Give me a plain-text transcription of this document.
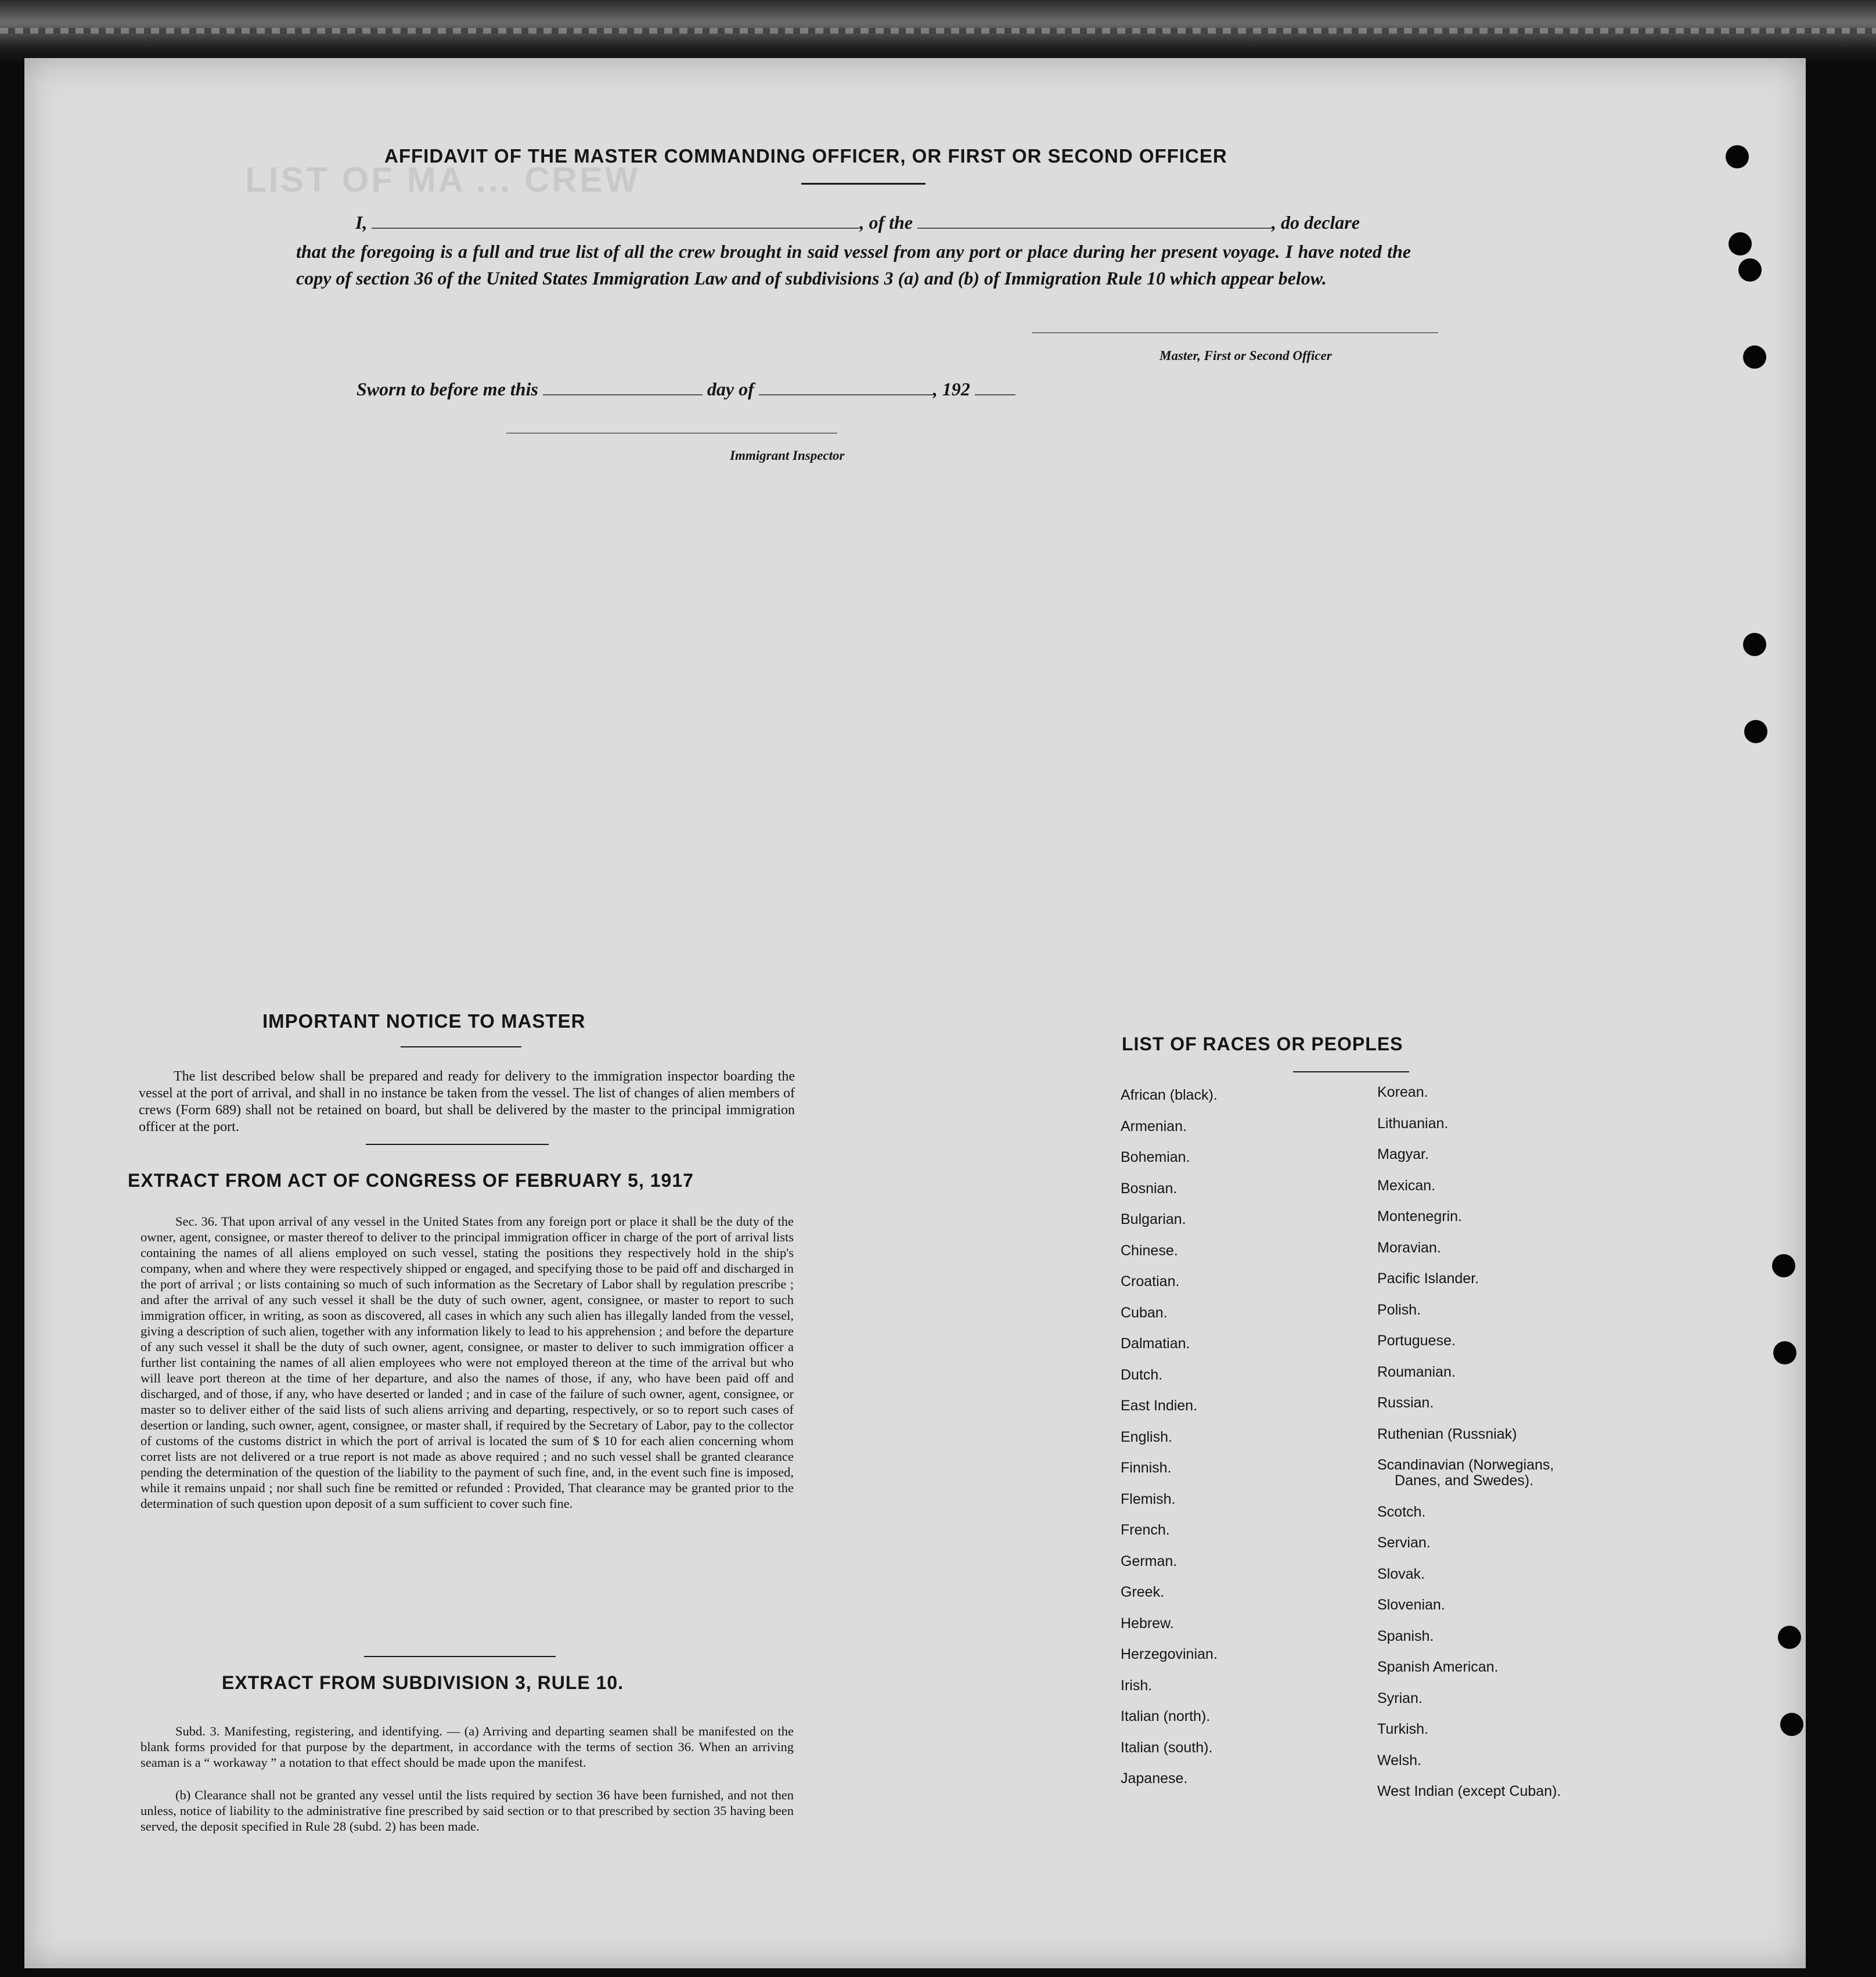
LIST OF MA ... CREW
AFFIDAVIT OF THE MASTER COMMANDING OFFICER, OR FIRST OR SECOND OFFICER
I,	, of the	, do declare
that the foregoing is a full and true list of all the crew brought in said vessel from any port or place during her present voyage. I have noted the copy of section 36 of the United States Immigration Law and of subdivisions 3 (a) and (b) of Immigration Rule 10 which appear below.
Master, First or Second Officer
Sworn to before me this	day of	, 192
Immigrant Inspector
IMPORTANT NOTICE TO MASTER
The list described below shall be prepared and ready for delivery to the immigration inspector boarding the vessel at the port of arrival, and shall in no instance be taken from the vessel. The list of changes of alien members of crews (Form 689) shall not be retained on board, but shall be delivered by the master to the principal immigration officer at the port.
EXTRACT FROM ACT OF CONGRESS OF FEBRUARY 5, 1917
Sec. 36. That upon arrival of any vessel in the United States from any foreign port or place it shall be the duty of the owner, agent, consignee, or master thereof to deliver to the principal immigration officer in charge of the port of arrival lists containing the names of all aliens employed on such vessel, stating the positions they respectively hold in the ship's company, when and where they were respectively shipped or engaged, and specifying those to be paid off and discharged in the port of arrival ; or lists containing so much of such information as the Secretary of Labor shall by regulation prescribe ; and after the arrival of any such vessel it shall be the duty of such owner, agent, consignee, or master to report to such immigration officer, in writing, as soon as discovered, all cases in which any such alien has illegally landed from the vessel, giving a description of such alien, together with any information likely to lead to his apprehension ; and before the departure of any such vessel it shall be the duty of such owner, agent, consignee, or master to deliver to such immigration officer a further list containing the names of all alien employees who were not employed thereon at the time of the arrival but who will leave port thereon at the time of her departure, and also the names of those, if any, who have been paid off and discharged, and of those, if any, who have deserted or landed ; and in case of the failure of such owner, agent, consignee, or master so to deliver either of the said lists of such aliens arriving and departing, respectively, or so to report such cases of desertion or landing, such owner, agent, consignee, or master shall, if required by the Secretary of Labor, pay to the collector of customs of the customs district in which the port of arrival is located the sum of $ 10 for each alien concerning whom corret lists are not delivered or a true report is not made as above required ; and no such vessel shall be granted clearance pending the determination of the question of the liability to the payment of such fine, and, in the event such fine is imposed, while it remains unpaid ; nor shall such fine be remitted or refunded : Provided, That clearance may be granted prior to the determination of such question upon deposit of a sum sufficient to cover such fine.
EXTRACT FROM SUBDIVISION 3, RULE 10.
Subd. 3. Manifesting, registering, and identifying. — (a) Arriving and departing seamen shall be manifested on the blank forms provided for that purpose by the department, in accordance with the terms of section 36. When an arriving seaman is a “ workaway ” a notation to that effect should be made upon the manifest.
(b) Clearance shall not be granted any vessel until the lists required by section 36 have been furnished, and not then unless, notice of liability to the administrative fine prescribed by said section or to that prescribed by section 35 having been served, the deposit specified in Rule 28 (subd. 2) has been made.
LIST OF RACES OR PEOPLES
African (black).
Armenian.
Bohemian.
Bosnian.
Bulgarian.
Chinese.
Croatian.
Cuban.
Dalmatian.
Dutch.
East Indien.
English.
Finnish.
Flemish.
French.
German.
Greek.
Hebrew.
Herzegovinian.
Irish.
Italian (north).
Italian (south).
Japanese.
Korean.
Lithuanian.
Magyar.
Mexican.
Montenegrin.
Moravian.
Pacific Islander.
Polish.
Portuguese.
Roumanian.
Russian.
Ruthenian (Russniak)
Scandinavian (Norwegians,
Danes, and Swedes).
Scotch.
Servian.
Slovak.
Slovenian.
Spanish.
Spanish American.
Syrian.
Turkish.
Welsh.
West Indian (except Cuban).
